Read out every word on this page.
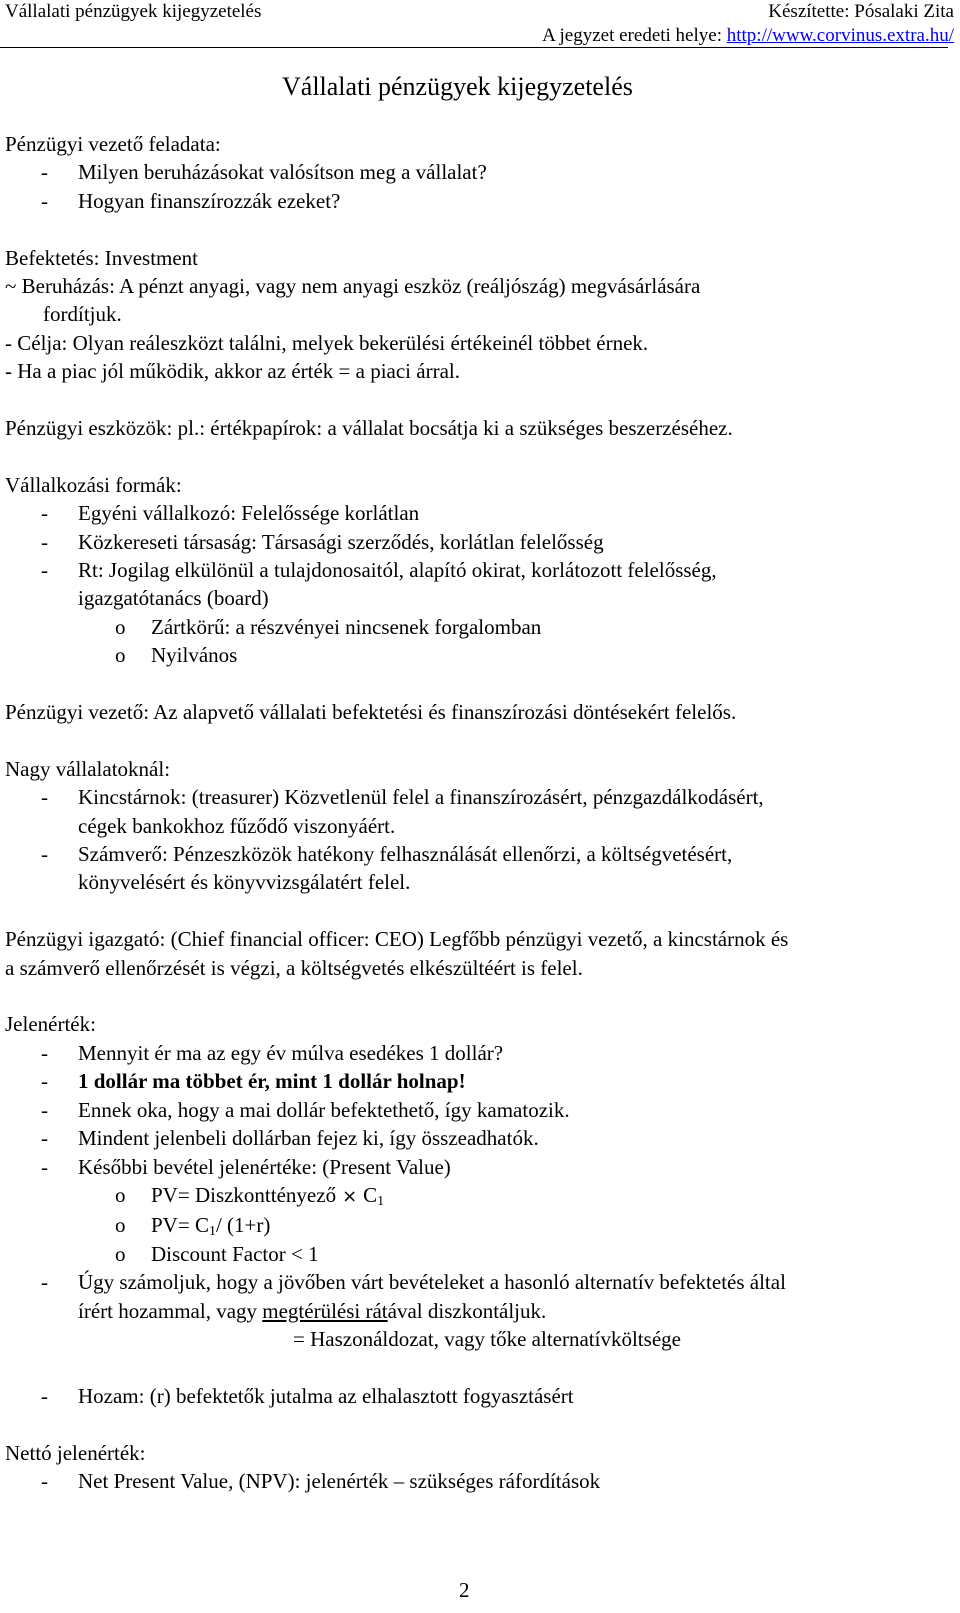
Vállalati pénzügyek kijegyzetelés	Készítette: Pósalaki Zita
A jegyzet eredeti helye: http://www.corvinus.extra.hu/
Vállalati pénzügyek kijegyzetelés

Pénzügyi vezető feladata:

- Milyen beruházásokat valósítson meg a vállalat?

- Hogyan finanszírozzák ezeket?

Befektetés: Investment

~ Beruházás: A pénzt anyagi, vagy nem anyagi eszköz (reáljószág) megvásárlására

fordítjuk.

- Célja: Olyan reáleszközt találni, melyek bekerülési értékeinél többet érnek.

- Ha a piac jól működik, akkor az érték = a piaci árral.

Pénzügyi eszközök: pl.: értékpapírok: a vállalat bocsátja ki a szükséges beszerzéséhez.

Vállalkozási formák:

- Egyéni vállalkozó: Felelőssége korlátlan

- Közkereseti társaság: Társasági szerződés, korlátlan felelősség

- Rt: Jogilag elkülönül a tulajdonosaitól, alapító okirat, korlátozott felelősség,

igazgatótanács (board)

o Zártkörű: a részvényei nincsenek forgalomban

o Nyilvános

Pénzügyi vezető: Az alapvető vállalati befektetési és finanszírozási döntésekért felelős.

Nagy vállalatoknál:

- Kincstárnok: (treasurer) Közvetlenül felel a finanszírozásért, pénzgazdálkodásért,

cégek bankokhoz fűződő viszonyáért.

- Számverő: Pénzeszközök hatékony felhasználását ellenőrzi, a költségvetésért,

könyvelésért és könyvvizsgálatért felel.

Pénzügyi igazgató: (Chief financial officer: CEO) Legfőbb pénzügyi vezető, a kincstárnok és

a számverő ellenőrzését is végzi, a költségvetés elkészültéért is felel.

Jelenérték:

- Mennyit ér ma az egy év múlva esedékes 1 dollár?

- 1 dollár ma többet ér, mint 1 dollár holnap!

- Ennek oka, hogy a mai dollár befektethető, így kamatozik.

- Mindent jelenbeli dollárban fejez ki, így összeadhatók.

- Későbbi bevétel jelenértéke: (Present Value)

o PV= Diszkonttényező × $C_1$

o $PV= C_1/$ (1+r)

o Discount Factor < 1

- Úgy számoljuk, hogy a jövőben várt bevételeket a hasonló alternatív befektetés által

írért hozammal, vagy megtérülési rátával diszkontáljuk.

= Haszonáldozat, vagy tőke alternatívköltsége

- Hozam: (r) befektetők jutalma az elhalasztott fogyasztásért

Nettó jelenérték:

- Net Present Value, (NPV): jelenérték – szükséges ráfordítások

2
